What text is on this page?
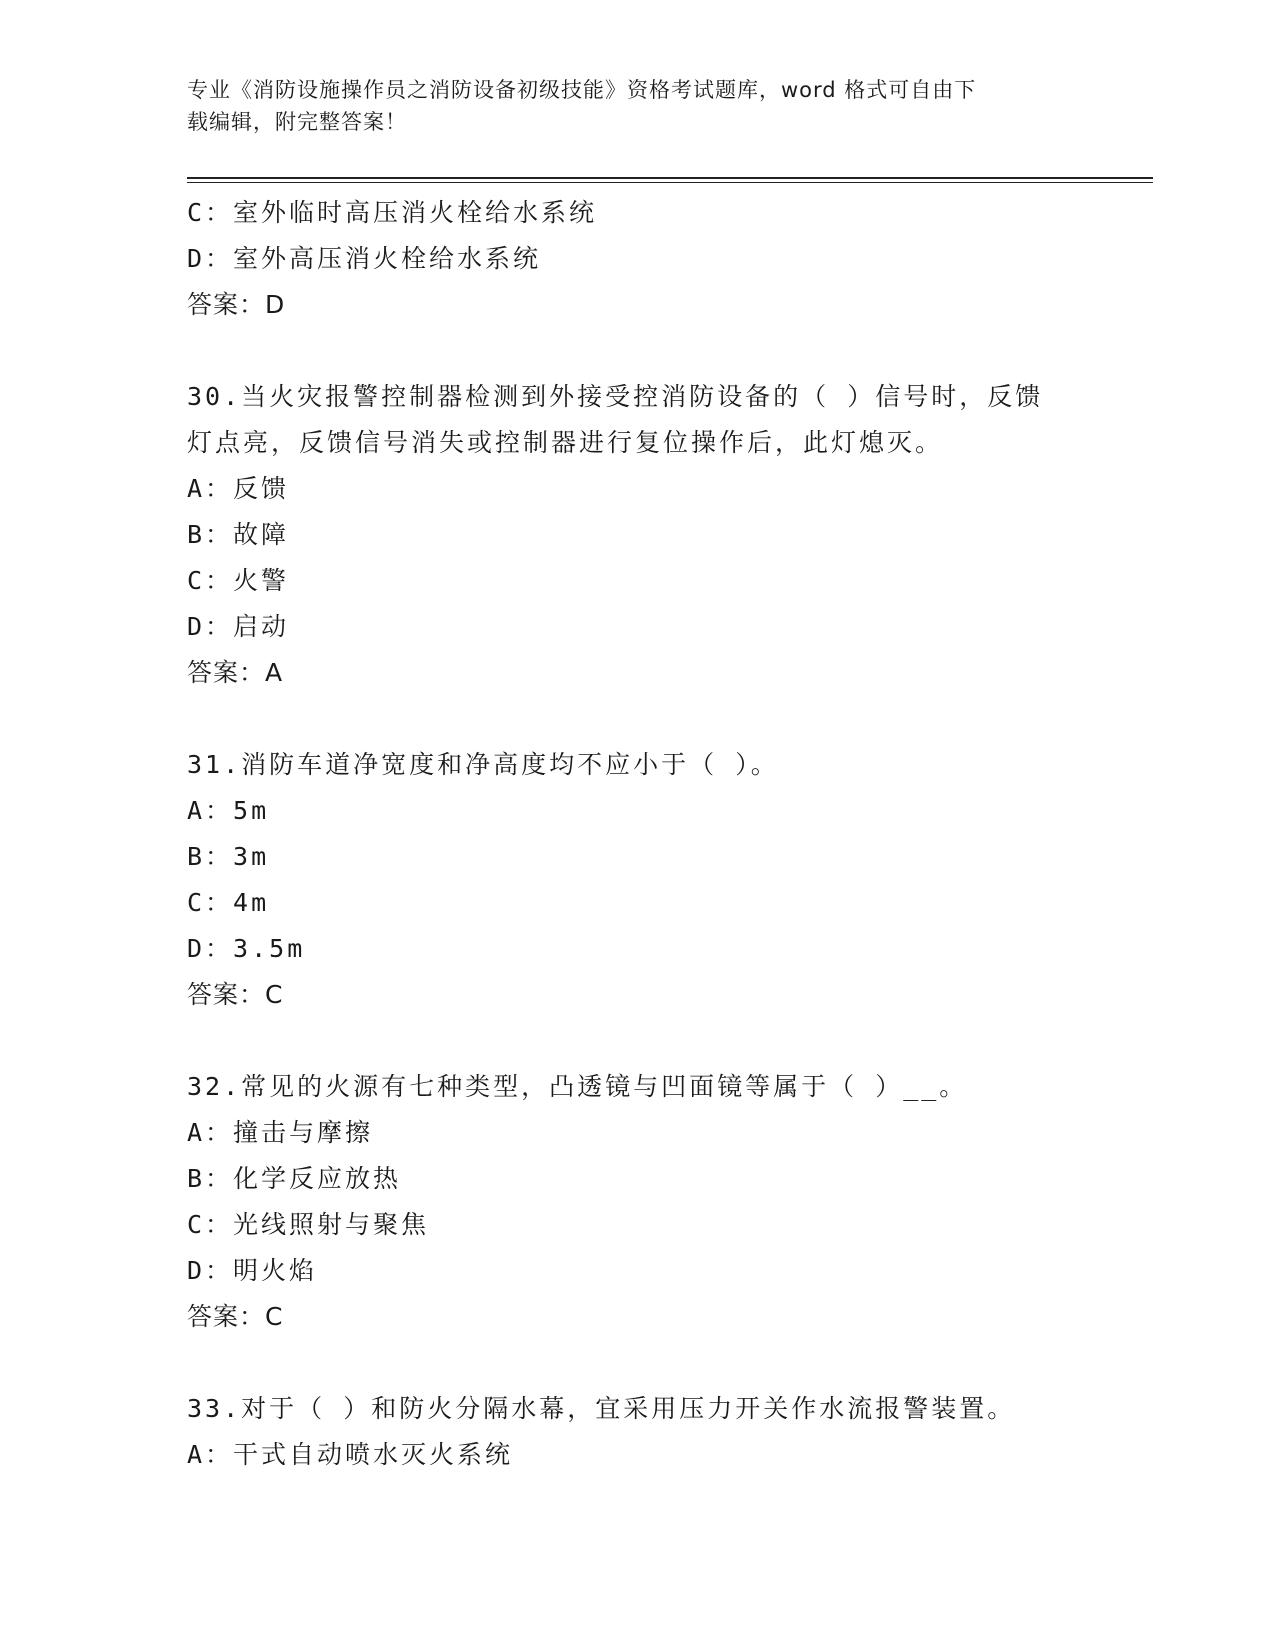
专业《消防设施操作员之消防设备初级技能》资格考试题库，word 格式可自由下
载编辑，附完整答案！
C：室外临时高压消火栓给水系统
D：室外高压消火栓给水系统
答案：D
30.当火灾报警控制器检测到外接受控消防设备的（ ）信号时，反馈
灯点亮，反馈信号消失或控制器进行复位操作后，此灯熄灭。
A：反馈
B：故障
C：火警
D：启动
答案：A
31.消防车道净宽度和净高度均不应小于（ ）。
A：5m
B：3m
C：4m
D：3.5m
答案：C
32.常见的火源有七种类型，凸透镜与凹面镜等属于（ ）__。
A：撞击与摩擦
B：化学反应放热
C：光线照射与聚焦
D：明火焰
答案：C
33.对于（ ）和防火分隔水幕，宜采用压力开关作水流报警装置。
A：干式自动喷水灭火系统
